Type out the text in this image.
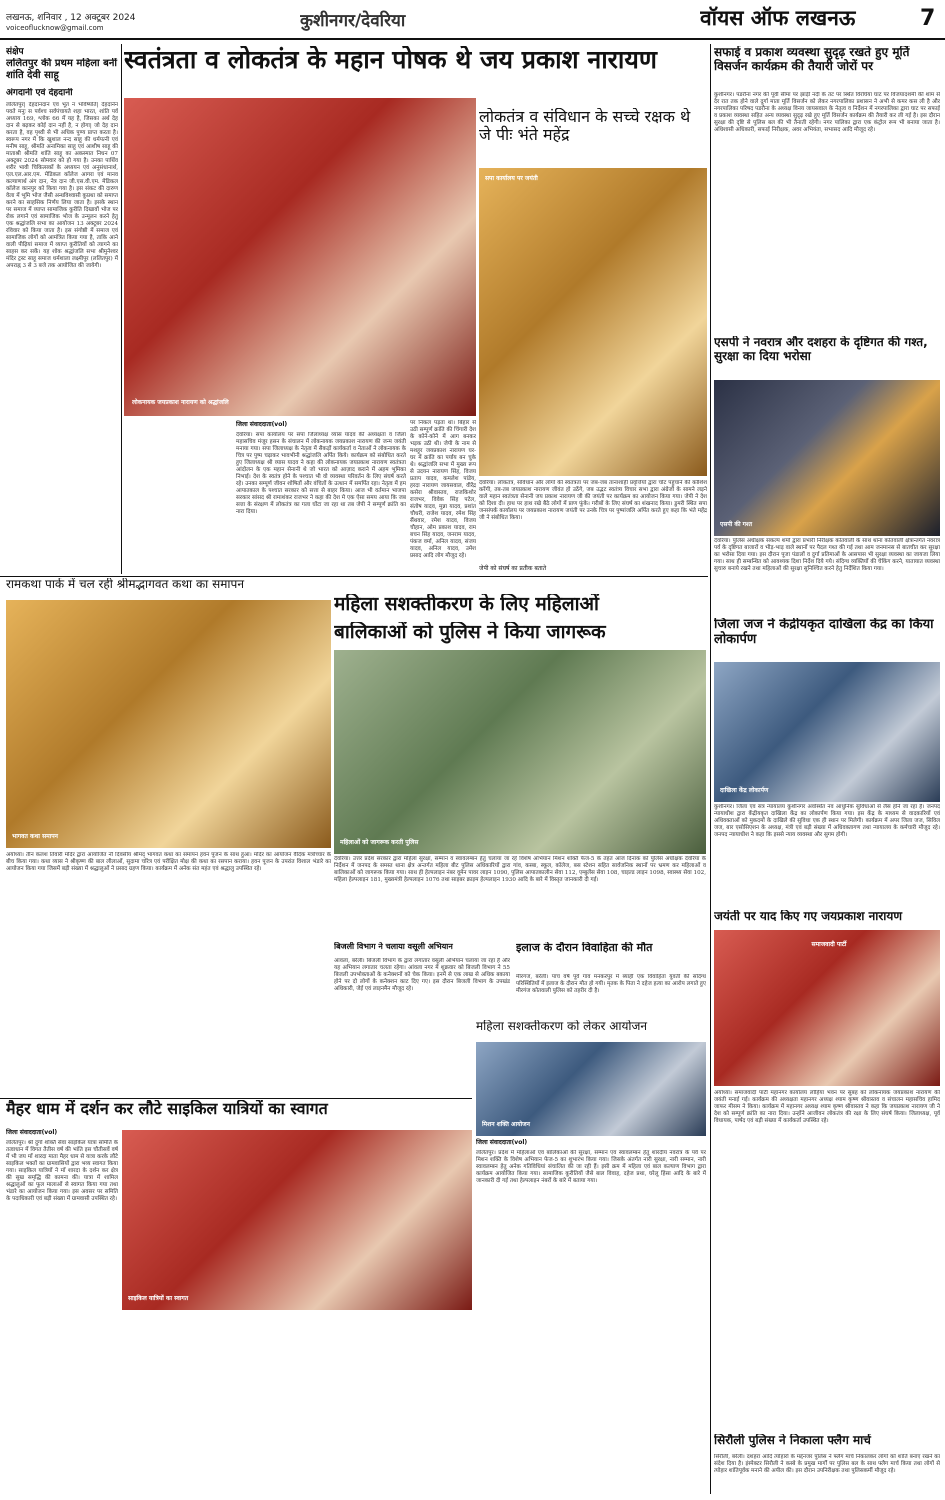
लखनऊ, शनिवार , 12 अक्टूबर 2024
voiceoflucknow@gmail.com	कुशीनगर/देवरिया	वॉयस ऑफ लखनऊ	7
संक्षेप
ललितपुर की प्रथम महिला बनीं शांति देवी साहू
अंगदानी एवं देहदानी
ललितपुर| देहदानदान एवं भूत न भविष्यति| देहदानेन पवते मनुः स पर्वश्च सर्वपंचायते शहा भारत, शांति पर्व अध्याय 169, श्लोक 66 में यह है, जिसका अर्थ देह दान से बढ़कर कोई दान नहीं है, न होगा| जो देह दान करता है, वह पृथ्वी से भी अधिक पुण्य प्राप्त करता है। स्वरूप नगर में कि खुशाल नन्द साहू की धर्मपत्नी एवं मनीष साहू, श्रीमति अनामिका साहू एवं आशीष साहू की माताश्री श्रीमति शांति साहू का अकस्मात निधन 07 अक्टूबर 2024 सोमवार को हो गया है। उनका पार्थिव शरीर भावी चिकित्सकों के अध्ययन एवं अनुसंधानार्थ, एल.एल.आर.एम. मेडिकल कॉलेज आगरा एवं मानव कल्याणार्थ अंग दान, नेत्र दान जी.एस.वी.एम. मेडिकल कॉलेज कानपुर को किया गया है। इस संकट की दारुण वेला में भूमि भोज जैसी अन्धविश्वासी कुप्रथा को समाप्त करने का साहसिक निर्णय लिया जाता है। इसके स्थान पर समाज में व्याप्त सामाजिक कुरीति दिखावों भोज पर रोक लगाने एवं सामाजिक भोज के उन्मूलन करने हेतु एक श्रद्धांजलि सभा का आयोजन 13 अक्टूबर 2024 रविवार को किया जाता है। इस संगोष्ठी में समाज एवं सामाजिक लोगों को आमंत्रित किया गया है, ताकि आने वाली पीढ़ियां समाज में व्याप्त कुरीतियों को त्यागने का साहस कर सकें। यह शोक श्रद्धांजलि सभा श्रीमुनेश्वर मंदिर ट्रस्ट साहू समाज धर्मशाला लक्ष्मीपुर (ललितपुर) में अपराह्न 3 से 3 बजे तक आयोजित की जायेगी।
स्वतंत्रता व लोकतंत्र के महान पोषक थे जय प्रकाश नारायण
लोकनायक जयप्रकाश नारायण को श्रद्धांजलि
जिला संवाददाता(vol)
देवरिया। सपा कार्यालय पर सपा जिलाध्यक्ष व्यास यादव की अध्यक्षता व जिला महासचिव मंजूर हसन के संचालन में लोकनायक जयप्रकाश नारायण की जन्म जयंती मनाया गया। सपा जिलाध्यक्ष के नेतृत्व में सैकड़ों कार्यकर्ता व नेताओं ने लोकनायक के चित्र पर पुष्प चढ़ाकर भावभीनी श्रद्धांजलि अर्पित किये। कार्यक्रम को संबोधित करते हुए जिलाध्यक्ष श्री व्यास यादव ने कहा की लोकनायक जयप्रकाश नारायण स्वतंत्रता आंदोलन के एक महान सेनानी थे जो भारत को आज़ाद कराने में अहम भूमिका निभाई। देश के स्वतंत्र होने के पश्चात भी वो व्यवस्था परिवर्तन के लिए संघर्ष करते रहे। उनका सम्पूर्ण जीवन शोषितों और वंचितों के उत्थान में समर्पित रहा। नेतृत्व में हम आपातकाल के पश्चात सरकार को सत्ता से बाहर किया। आज भी वर्तमान भाजपा सरकार सांसद श्री रामाशंकर राजभर ने कहा की देश मे एक ऐसा समय आया कि जब सत्ता के संरक्षण में लोकतंत्र का गला घोंटा जा रहा था तब जेपी ने सम्पूर्ण क्रांति का नारा दिया।
पर निकल पड़ता था। बिहार से उठी सम्पूर्ण क्रांति की चिंगारी देश के कोने-कोने में आग बनकर भड़क उठी थी। जेपी के नाम से मशहूर जयप्रकाश नारायण घर-घर में क्रांति का पर्याय बन चुके थे। श्रद्धांजलि सभा में मुख्य रूप से उदयन नारायण सिंह, विजय प्रताप यादव, कमलेश पांडेय, हरदा नारायण जायसवाल, वीरेंद्र कसेरा श्रीवास्तव, राजकिशोर राजभर, विवेक सिंह पटेल, संतोष यादव, मुन्ना यादव, प्रशांत चौधरी, राजेश यादव, रमेश सिंह सैंथवार, रमेश यादव, विजय चौहान, ओम प्रकाश यादव, राम बचन सिंह यादव, जनराम यादव, पंकज वर्मा, अनिल यादव, संजय यादव, अनिल यादव, उमेश प्रसाद आदि लोग मौजूद रहे।
लोकतंत्र व संविधान के सच्चे रक्षक थे जे पीः भंते महेंद्र
सपा कार्यालय पर जयंती
देवरिया। लोकतंत्र, संविधान और लोगों की स्वतंत्रता पर जब-जब तानाशाही प्रवृत्तियों द्वारा चोट पहुंचाने की कोशिश करेंगी, तब-तब जयप्रकाश नारायण जीवंत हो उठेंगे, जब उद्भट स्वतंत्र्य विचार सभा द्वारा अंग्रेजों के सामने लड़ने वाले महान स्वतंत्रता सेनानी जय प्रकाश नारायण जी की जयंती पर कार्यक्रम का आयोजन किया गया। जेपी ने देश को दिशा दी। हाथ पर हाथ रखे बैठे लोगों में प्राण फूंके। गरीबों के लिए संघर्ष का शंखनाद किया। डुमरी स्थित सपा जनसंपर्क कार्यालय पर जयप्रकाश नारायण जयंती पर उनके चित्र पर पुष्पांजलि अर्पित करते हुए कहा कि भंते महेंद्र जी ने संबोधित किया।
जेपी को संघर्ष का प्रतीक बताते
सफाई व प्रकाश व्यवस्था सुदृढ़ रखते हुए मूर्ति विसर्जन कार्यक्रम की तैयारी जोरों पर
कुशीनगर। पडरौना नगर की पूर्वी सीमा पर झाड़ी नदी के तट पर स्थित विरघिया घाट पर विजयादशमी की शाम से देर रात तक होने वाले दुर्गा माता मूर्ति विसर्जन को लेकर नगरपालिका प्रशासन ने अभी से कमर कस ली है और नगरपालिका परिषद पडरौना के अध्यक्ष विनय जायसवाल के नेतृत्व व निर्देशन में नगरपालिका द्वारा घाट पर सफाई व प्रकाश व्यवस्था सहित अन्य व्यवस्था सुदृढ़ रखे हुए मूर्ति विसर्जन कार्यक्रम की तैयारी कर ली गई है। इस दौरान सुरक्षा की दृष्टि से पुलिस बल की भी तैनाती रहेगी। नगर पालिका द्वारा एक कंट्रोल रूम भी बनाया जाता है। अधिशासी अधिकारी, सफाई निरीक्षक, अवर अभियंता, सभासद आदि मौजूद रहे।
एसपी ने नवरात्र और दशहरा के दृष्टिगत की गश्त, सुरक्षा का दिया भरोसा
एसपी की गश्त
देवरिया। पुलिस अधीक्षक संकल्प शर्मा द्वारा प्रभारी निरीक्षक कोतवाली के साथ थाना कोतवाली क्षेत्रान्तर्गत नवरात्र पर्व के दृष्टिगत बाजारों व भीड़-भाड़ वाले स्थानों पर पैदल गश्त की गई तथा आम जनमानस से बातचीत कर सुरक्षा का भरोसा दिया गया। इस दौरान पूजा पंडालों व दुर्गा प्रतिमाओं के आसपास भी सुरक्षा व्यवस्था का जायजा लिया गया। साथ ही सम्बन्धित को आवश्यक दिशा निर्देश दिये गये। संदिग्ध व्यक्तियों की चेकिंग करने, यातायात व्यवस्था सुचारु बनाये रखने तथा महिलाओं की सुरक्षा सुनिश्चित करने हेतु निर्देशित किया गया।
जिला जज ने केंद्रीयकृत दाखिला केंद्र का किया लोकार्पण
दाखिला केंद्र लोकार्पण
कुशीनगर। जिला एवं सत्र न्यायालय कुशीनगर अवस्थित नव आधुनिक सुविधाओं से लैस होने जा रहा है। जनपद न्यायाधीश द्वारा केंद्रीयकृत दाखिला केंद्र का लोकार्पण किया गया। इस केंद्र के माध्यम से वादकारियों एवं अधिवक्ताओं को मुकदमों के दाखिले की सुविधा एक ही स्थान पर मिलेगी। कार्यक्रम में अपर जिला जज, सिविल जज, बार एसोसिएशन के अध्यक्ष, मंत्री एवं बड़ी संख्या में अधिवक्तागण तथा न्यायालय के कर्मचारी मौजूद रहे। जनपद न्यायाधीश ने कहा कि इससे न्याय व्यवस्था और सुगम होगी।
जयंती पर याद किए गए जयप्रकाश नारायण
समाजवादी पार्टी
अयोध्या। समाजवादी पार्टी महानगर कार्यालय लोहिया भवन पर सुबह को लोकनायक जयप्रकाश नारायण की जयंती मनाई गई। कार्यक्रम की अध्यक्षता महानगर अध्यक्ष श्याम कृष्ण श्रीवास्तव व संचालन महासचिव हामिद जाफर मीसम ने किया। कार्यक्रम में महानगर अध्यक्ष श्याम कृष्ण श्रीवास्तव ने कहा कि जयप्रकाश नारायण जी ने देश को सम्पूर्ण क्रांति का नारा दिया। उन्होंने आजीवन लोकतंत्र की रक्षा के लिए संघर्ष किया। जिलाध्यक्ष, पूर्व विधायक, पार्षद एवं बड़ी संख्या में कार्यकर्ता उपस्थित रहे।
सिरौली पुलिस ने निकाला फ्लैग मार्च
सिरौली, बरेली। दशहरा आदि त्योहारों के मद्देनजर पुलिस ने फ्लैग मार्च निकालकर लोगों को शांति बनाए रखने का संदेश दिया है। इंस्पेक्टर सिरौली ने कस्बे के प्रमुख मार्गों पर पुलिस बल के साथ फ्लैग मार्च किया तथा लोगों से त्योहार शांतिपूर्वक मनाने की अपील की। इस दौरान उपनिरीक्षक तथा पुलिसकर्मी मौजूद रहे।
रामकथा पार्क में चल रही श्रीमद्भागवत कथा का समापन
भागवत कथा समापन
अयोध्या। तीन कलश तिवारी मंदिर द्वारा आयोजित नौ दिवसीय श्रीमद् भागवत कथा का समापन हवन पूजन के साथ हुआ। मंदिर का आयोजन वैदिक मंत्रोच्चार के बीच किया गया। कथा व्यास ने श्रीकृष्ण की बाल लीलाओं, सुदामा चरित्र एवं परीक्षित मोक्ष की कथा का रसपान कराया। हवन पूजन के उपरांत विशाल भंडारे का आयोजन किया गया जिसमें बड़ी संख्या में श्रद्धालुओं ने प्रसाद ग्रहण किया। कार्यक्रम में अनेक संत महंत एवं श्रद्धालु उपस्थित रहे।
महिला सशक्तीकरण के लिए महिलाओं
बालिकाओं को पुलिस ने किया जागरूक
महिलाओं को जागरूक करती पुलिस
देवरिया। उत्तर प्रदेश सरकार द्वारा महिला सुरक्षा, सम्मान व स्वावलम्बन हेतु चलाया जा रहे विशेष अभियान मिशन शक्ति फेज-5 के तहत आज दिनांक को पुलिस अधीक्षक देवरिया के निर्देशन में जनपद के समस्त थाना क्षेत्र अन्तर्गत महिला बीट पुलिस अधिकारियों द्वारा गांव, कस्बा, स्कूल, कॉलेज, बस स्टेशन सहित सार्वजनिक स्थानों पर भ्रमण कर महिलाओं व बालिकाओं को जागरूक किया गया। साथ ही हेल्पलाइन नंबर वूमेन पावर लाइन 1090, पुलिस आपातकालीन सेवा 112, एम्बुलेंस सेवा 108, चाइल्ड लाइन 1098, स्वास्थ्य सेवा 102, महिला हेल्पलाइन 181, मुख्यमंत्री हेल्पलाइन 1076 तथा साइबर क्राइम हेल्पलाइन 1930 आदि के बारे में विस्तृत जानकारी दी गई।
बिजली विभाग ने चलाया वसूली अभियान
आंवला, बरेली। बिजली विभाग के द्वारा लगातार वसूली अभियान चलाया जा रहा है और यह अभियान लगातार चलता रहेगा। आंवला नगर में शुक्रवार को बिजली विभाग ने 55 बिजली उपभोक्ताओं के कनेक्शनों को चेक किया। इनमें से एक लाख से अधिक बकाया होने पर दो लोगों के कनेक्शन काट दिए गए। इस दौरान बिजली विभाग के उपखंड अधिकारी, जेई एवं लाइनमैन मौजूद रहे।
इलाज के दौरान विवाहिता की मौत
मीरगंज, बरेली। पांच वर्ष पूर्व गांव मनकरपुर में ब्याही एक विवाहिता युवती की संदिग्ध परिस्थितियों में इलाज के दौरान मौत हो गयी। मृतक के पिता ने दहेज हत्या का आरोप लगाते हुए मीरगंज कोतवाली पुलिस को तहरीर दी है।
महिला सशक्तीकरण को लेकर आयोजन
मिशन शक्ति आयोजन
जिला संवाददाता(vol)
ललितपुर। प्रदेश में महिलाओं एवं बालिकाओं की सुरक्षा, सम्मान एवं स्वावलम्बन हेतु शारदीय नवरात्र के पर्व पर मिशन शक्ति के विशेष अभियान फेज-5 का शुभारंभ किया गया। जिसके अंतर्गत नारी सुरक्षा, नारी सम्मान, नारी स्वावलम्बन हेतु अनेक गतिविधियां संचालित की जा रही हैं। इसी क्रम में महिला एवं बाल कल्याण विभाग द्वारा कार्यक्रम आयोजित किया गया। सामाजिक कुरीतियों जैसे बाल विवाह, दहेज प्रथा, घरेलू हिंसा आदि के बारे में जानकारी दी गई तथा हेल्पलाइन नंबरों के बारे में बताया गया।
मैहर धाम में दर्शन कर लौटे साइकिल यात्रियों का स्वागत
जिला संवाददाता(vol)
साइकिल यात्रियों का स्वागत
ललितपुर। श्री दुर्गा शक्ति सेवा साइकिल यात्रा समिति के तत्वाधान में विगत तैतीस वर्ष की भांति इस चौतीसवें वर्ष में भी जय माँ शारदा माता मैहर धाम से यात्रा करके लौटे साइकिल भक्तों का ग्रामवासियों द्वारा भव्य स्वागत किया गया। साइकिल यात्रियों ने माँ शारदा के दर्शन कर क्षेत्र की सुख समृद्धि की कामना की। यात्रा में शामिल श्रद्धालुओं का फूल मालाओं से स्वागत किया गया तथा भंडारे का आयोजन किया गया। इस अवसर पर समिति के पदाधिकारी एवं बड़ी संख्या में ग्रामवासी उपस्थित रहे।
